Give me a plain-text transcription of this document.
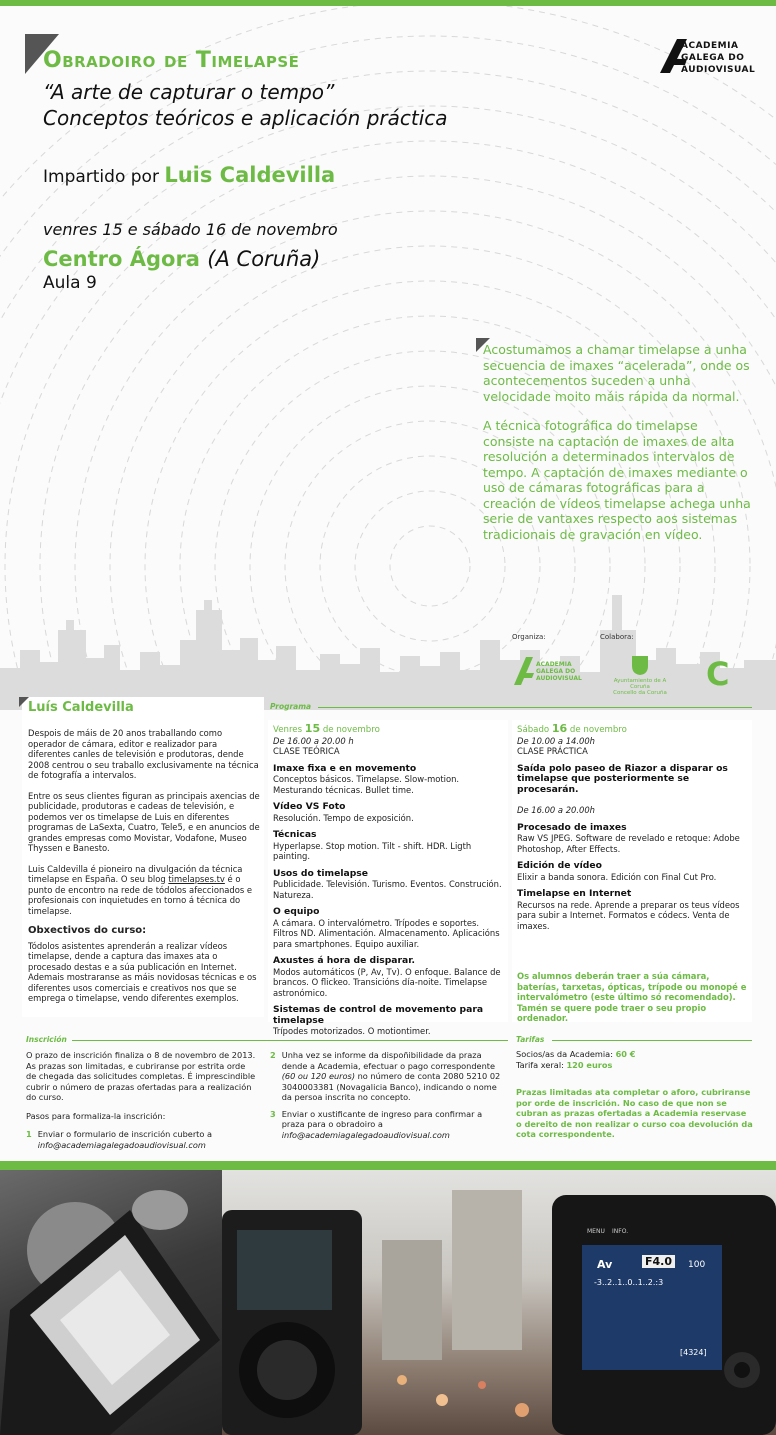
Obradoiro de Timelapse
“A arte de capturar o tempo”
Conceptos teóricos e aplicación práctica
Impartido por Luis Caldevilla
venres 15 e sábado 16 de novembro
Centro Ágora (A Coruña)
Aula 9
ACADEMIA
GALEGA DO
AUDIOVISUAL

Acostumamos a chamar timelapse a unha secuencia de imaxes “acelerada”, onde os acontecementos suceden a unha velocidade moito máis rápida da normal.

A técnica fotográfica do timelapse consiste na captación de imaxes de alta resolución a determinados intervalos de tempo. A captación de imaxes mediante o uso de cámaras fotográficas para a creación de vídeos timelapse achega unha serie de vantaxes respecto aos sistemas tradicionais de gravación en vídeo.

Organiza:	Colabora:
ACADEMIA
GALEGA DO
AUDIOVISUAL	Ayuntamiento de A Coruña
Concello da Coruña C
Luís Caldevilla

Despois de máis de 20 anos traballando como operador de cámara, editor e realizador para diferentes canles de televisión e produtoras, dende 2008 centrou o seu traballo exclusivamente na técnica de fotografía a intervalos.

Entre os seus clientes figuran as principais axencias de publicidade, produtoras e cadeas de televisión, e podemos ver os timelapse de Luis en diferentes programas de LaSexta, Cuatro, Tele5, e en anuncios de grandes empresas como Movistar, Vodafone, Museo Thyssen e Banesto.

Luis Caldevilla é pioneiro na divulgación da técnica timelapse en España. O seu blog timelapses.tv é o punto de encontro na rede de tódolos afeccionados e profesionais con inquietudes en torno á técnica do timelapse.

Obxectivos do curso:

Tódolos asistentes aprenderán a realizar vídeos timelapse, dende a captura das imaxes ata o procesado destas e a súa publicación en Internet. Ademais mostraranse as máis novidosas técnicas e os diferentes usos comerciais e creativos nos que se emprega o timelapse, vendo diferentes exemplos.

Programa
Venres 15 de novembro
De 16.00 a 20.00 h
CLASE TEÓRICA
Imaxe fixa e en movemento
Conceptos básicos. Timelapse. Slow-motion. Mesturando técnicas. Bullet time.
Vídeo VS Foto
Resolución. Tempo de exposición.
Técnicas
Hyperlapse. Stop motion. Tilt - shift. HDR. Ligth painting.
Usos do timelapse
Publicidade. Televisión. Turismo. Eventos. Construción. Natureza.
O equipo
A cámara. O intervalómetro. Trípodes e soportes. Filtros ND. Alimentación. Almacenamento. Aplicacións para smartphones. Equipo auxiliar.
Axustes á hora de disparar.
Modos automáticos (P, Av, Tv). O enfoque. Balance de brancos. O flickeo. Transicións día-noite. Timelapse astronómico.
Sistemas de control de movemento para timelapse
Trípodes motorizados. O motiontimer.
Sábado 16 de novembro
De 10.00 a 14.00h
CLASE PRÁCTICA
Saída polo paseo de Riazor a disparar os timelapse que posteriormente se procesarán.
De 16.00 a 20.00h
Procesado de imaxes
Raw VS JPEG. Software de revelado e retoque: Adobe Photoshop, After Effects.
Edición de vídeo
Elixir a banda sonora. Edición con Final Cut Pro.
Timelapse en Internet
Recursos na rede. Aprende a preparar os teus vídeos para subir a Internet. Formatos e códecs. Venta de imaxes.
Os alumnos deberán traer a súa cámara, baterías, tarxetas, ópticas, trípode ou monopé e intervalómetro (este último só recomendado). Tamén se quere pode traer o seu propio ordenador.
Inscrición

O prazo de inscrición finaliza o 8 de novembro de 2013. As prazas son limitadas, e cubriranse por estrita orde de chegada das solicitudes completas. É imprescindible cubrir o número de prazas ofertadas para a realización do curso.

Pasos para formaliza-la inscrición:

1 Enviar o formulario de inscrición cuberto a info@academiagalegadoaudiovisual.com
2 Unha vez se informe da dispoñibilidade da praza dende a Academia, efectuar o pago correspondente (60 ou 120 euros) no número de conta 2080 5210 02 3040003381 (Novagalicia Banco), indicando o nome da persoa inscrita no concepto.
3 Enviar o xustificante de ingreso para confirmar a praza para o obradoiro a info@academiagalegadoaudiovisual.com
Tarifas
Socios/as da Academia: 60 €
Tarifa xeral: 120 euros
Prazas limitadas ata completar o aforo, cubriranse por orde de inscrición. No caso de que non se cubran as prazas ofertadas a Academia reservase o dereito de non realizar o curso coa devolución da cota correspondente.
Av	F4.0	100
-3..2..1..0..1..2.:3
[4324]
MENU INFO.
